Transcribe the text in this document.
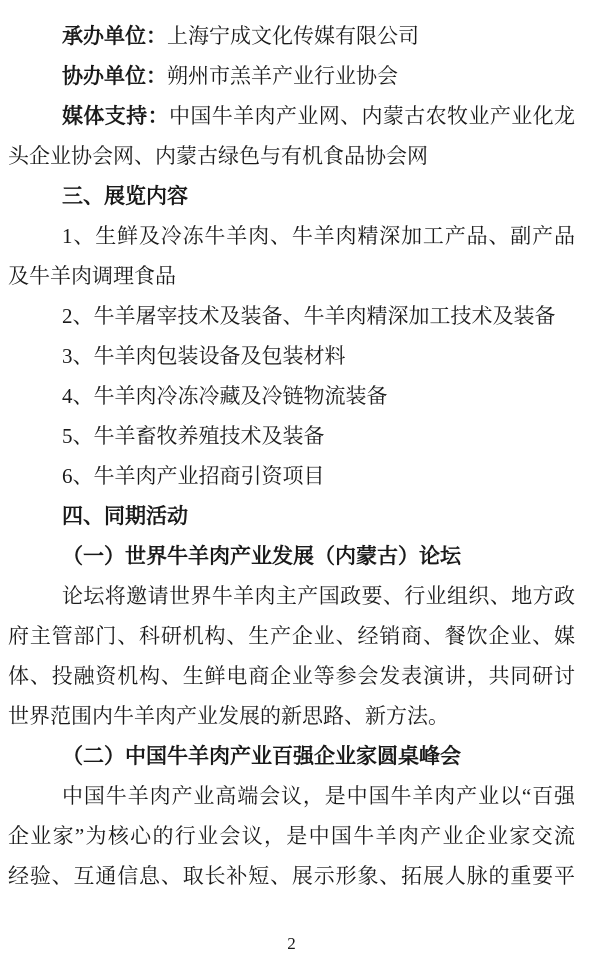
承办单位：上海宁成文化传媒有限公司
协办单位：朔州市羔羊产业行业协会
媒体支持：中国牛羊肉产业网、内蒙古农牧业产业化龙
头企业协会网、内蒙古绿色与有机食品协会网
三、展览内容
1、生鲜及冷冻牛羊肉、牛羊肉精深加工产品、副产品
及牛羊肉调理食品
2、牛羊屠宰技术及装备、牛羊肉精深加工技术及装备
3、牛羊肉包装设备及包装材料
4、牛羊肉冷冻冷藏及冷链物流装备
5、牛羊畜牧养殖技术及装备
6、牛羊肉产业招商引资项目
四、同期活动
（一）世界牛羊肉产业发展（内蒙古）论坛
论坛将邀请世界牛羊肉主产国政要、行业组织、地方政
府主管部门、科研机构、生产企业、经销商、餐饮企业、媒
体、投融资机构、生鲜电商企业等参会发表演讲，共同研讨
世界范围内牛羊肉产业发展的新思路、新方法。
（二）中国牛羊肉产业百强企业家圆桌峰会
中国牛羊肉产业高端会议，是中国牛羊肉产业以“百强
企业家”为核心的行业会议，是中国牛羊肉产业企业家交流
经验、互通信息、取长补短、展示形象、拓展人脉的重要平
2
